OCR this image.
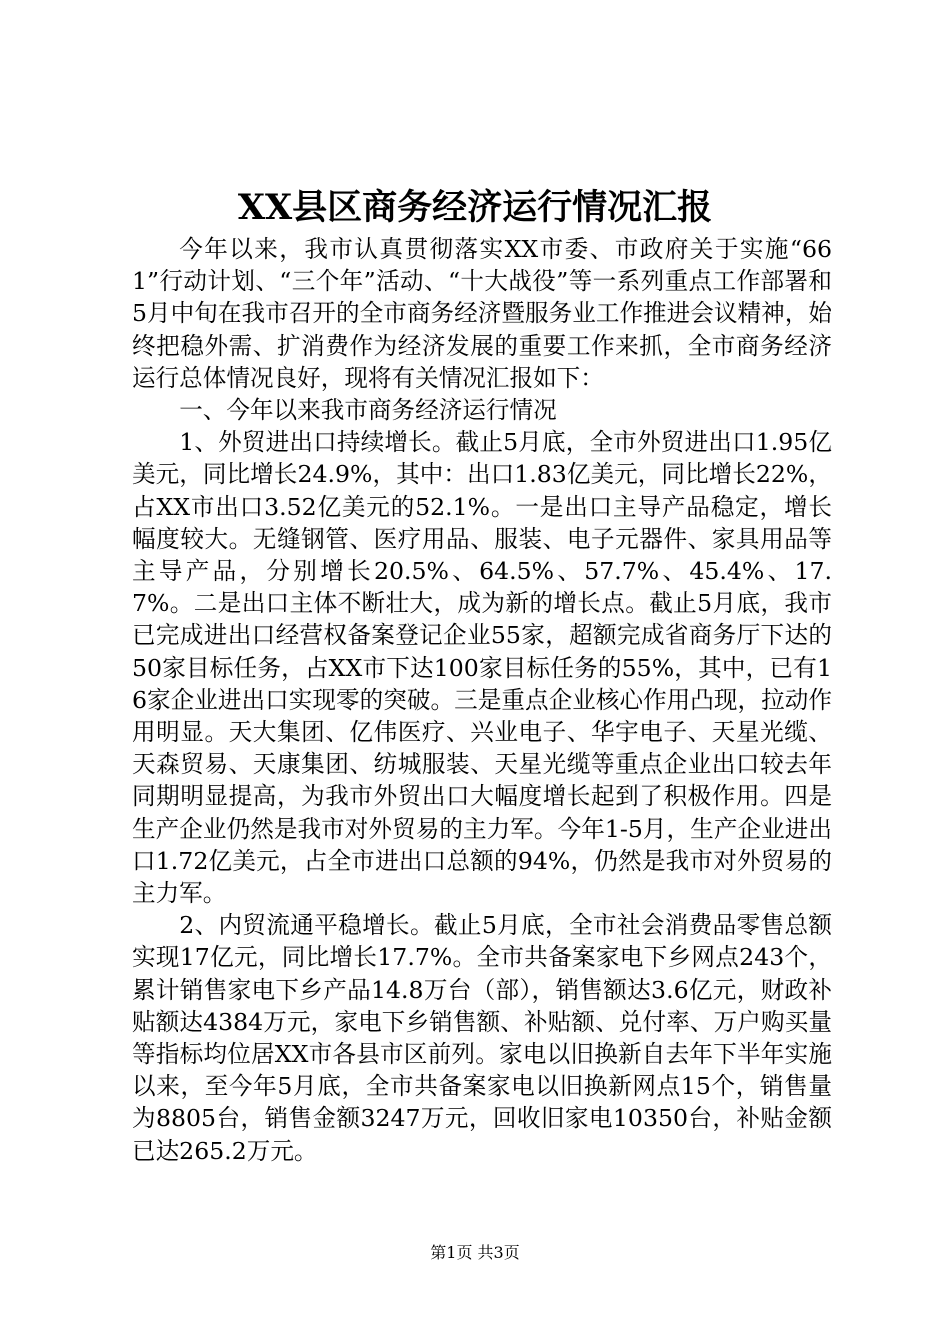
XX县区商务经济运行情况汇报

今年以来，我市认真贯彻落实XX市委、市政府关于实施“661”行动计划、“三个年”活动、“十大战役”等一系列重点工作部署和5月中旬在我市召开的全市商务经济暨服务业工作推进会议精神，始终把稳外需、扩消费作为经济发展的重要工作来抓，全市商务经济运行总体情况良好，现将有关情况汇报如下：

一、今年以来我市商务经济运行情况

1、外贸进出口持续增长。截止5月底，全市外贸进出口1.95亿美元，同比增长24.9%，其中：出口1.83亿美元，同比增长22%，占XX市出口3.52亿美元的52.1%。一是出口主导产品稳定，增长幅度较大。无缝钢管、医疗用品、服装、电子元器件、家具用品等主导产品，分别增长20.5%、64.5%、57.7%、45.4%、17.7%。二是出口主体不断壮大，成为新的增长点。截止5月底，我市已完成进出口经营权备案登记企业55家，超额完成省商务厅下达的50家目标任务，占XX市下达100家目标任务的55%，其中，已有16家企业进出口实现零的突破。三是重点企业核心作用凸现，拉动作用明显。天大集团、亿伟医疗、兴业电子、华宇电子、天星光缆、天森贸易、天康集团、纺城服装、天星光缆等重点企业出口较去年同期明显提高，为我市外贸出口大幅度增长起到了积极作用。四是生产企业仍然是我市对外贸易的主力军。今年1-5月，生产企业进出口1.72亿美元，占全市进出口总额的94%，仍然是我市对外贸易的主力军。

2、内贸流通平稳增长。截止5月底，全市社会消费品零售总额实现17亿元，同比增长17.7%。全市共备案家电下乡网点243个，累计销售家电下乡产品14.8万台（部），销售额达3.6亿元，财政补贴额达4384万元，家电下乡销售额、补贴额、兑付率、万户购买量等指标均位居XX市各县市区前列。家电以旧换新自去年下半年实施以来，至今年5月底，全市共备案家电以旧换新网点15个，销售量为8805台，销售金额3247万元，回收旧家电10350台，补贴金额已达265.2万元。

第1页 共3页
